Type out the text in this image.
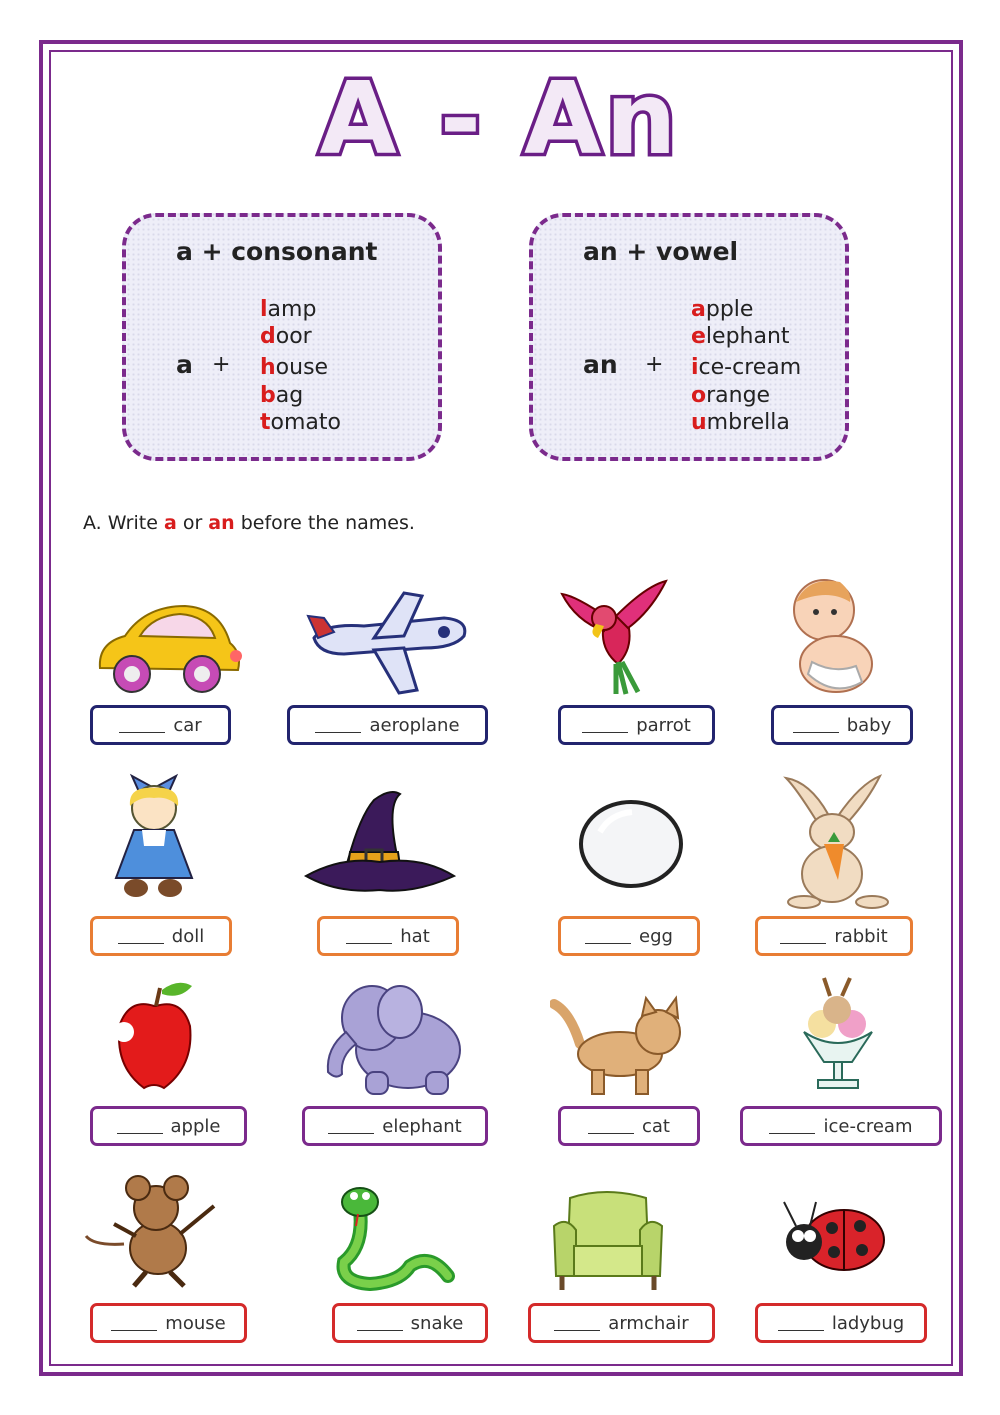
A - An
a + consonant
a +
lamp
door
house
bag
tomato
an + vowel
an +
apple
elephant
ice-cream
orange
umbrella
A. Write a or an before the names.
car	aeroplane	parrot	baby
doll	hat	egg	rabbit
apple	elephant	cat	ice-cream
mouse	snake	armchair	ladybug
